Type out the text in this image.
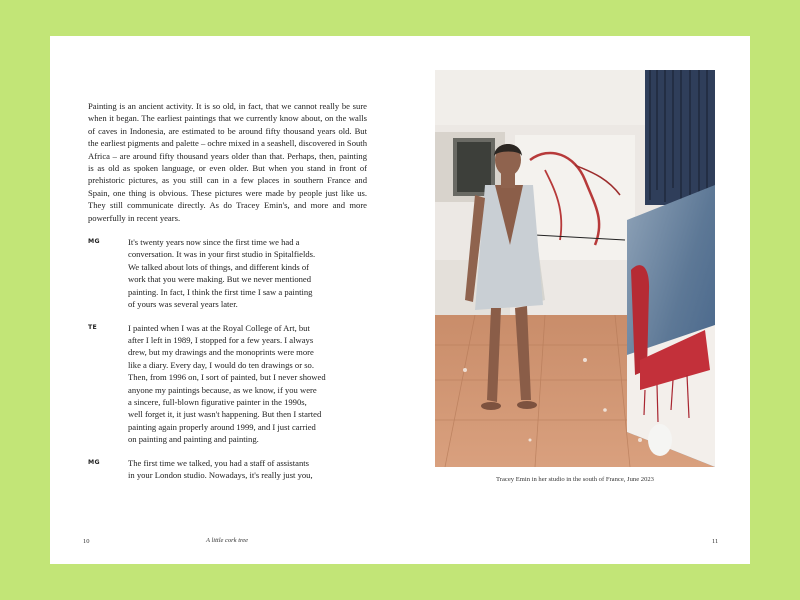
Painting is an ancient activity. It is so old, in fact, that we cannot really be sure when it began. The earliest paintings that we currently know about, on the walls of caves in Indonesia, are estimated to be around fifty thousand years old. But the earliest pigments and palette – ochre mixed in a seashell, discovered in South Africa – are around fifty thousand years older than that. Perhaps, then, painting is as old as spoken language, or even older. But when you stand in front of prehistoric pictures, as you still can in a few places in southern France and Spain, one thing is obvious. These pictures were made by people just like us. They still communicate directly. As do Tracey Emin's, and more and more powerfully in recent years.

MG	It's twenty years now since the first time we had a
conversation. It was in your first studio in Spitalfields.
We talked about lots of things, and different kinds of
work that you were making. But we never mentioned
painting. In fact, I think the first time I saw a painting
of yours was several years later.
TE	I painted when I was at the Royal College of Art, but
after I left in 1989, I stopped for a few years. I always
drew, but my drawings and the monoprints were more
like a diary. Every day, I would do ten drawings or so.
Then, from 1996 on, I sort of painted, but I never showed
anyone my paintings because, as we know, if you were
a sincere, full-blown figurative painter in the 1990s,
well forget it, it just wasn't happening. But then I started
painting again properly around 1999, and I just carried
on painting and painting and painting.
MG	The first time we talked, you had a staff of assistants
in your London studio. Nowadays, it's really just you,
10	A little cork tree
Tracey Emin in her studio in the south of France, June 2023
11
